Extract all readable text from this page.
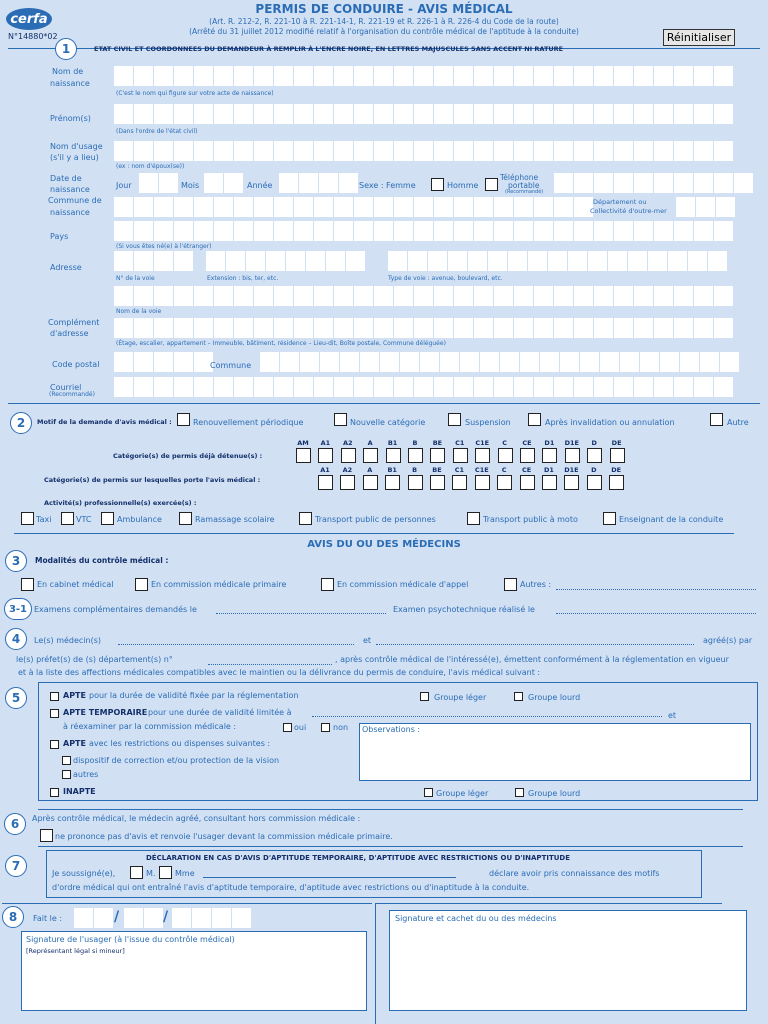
cerfa
N°14880*02
PERMIS DE CONDUIRE - AVIS MÉDICAL
(Art. R. 212-2, R. 221-10 à R. 221-14-1, R. 221-19 et R. 226-1 à R. 226-4 du Code de la route)
(Arrêté du 31 juillet 2012 modifié relatif à l'organisation du contrôle médical de l'aptitude à la conduite)	Réinitialiser
1	ETAT CIVIL ET COORDONNEES DU DEMANDEUR À REMPLIR À L'ENCRE NOIRE, EN LETTRES MAJUSCULES SANS ACCENT NI RATURE
Nom de
naissance
(C'est le nom qui figure sur votre acte de naissance)
Prénom(s)
(Dans l'ordre de l'état civil)
Nom d'usage
(s'il y a lieu)
(ex : nom d'époux(se))
Date de
naissance	Jour	Mois	Année	Sexe : Femme	Homme
Téléphone
portable
(Recommandé)
Commune de
naissance
Département ou
Collectivité d'outre-mer
Pays
(Si vous êtes né(e) à l'étranger)
Adresse
N° de la voie	Extension : bis, ter, etc.	Type de voie : avenue, boulevard, etc.
Nom de la voie
Complément
d'adresse
(Étage, escalier, appartement – Immeuble, bâtiment, résidence – Lieu-dit, Boîte postale, Commune déléguée)
Code postal	Commune
Courriel
(Recommandé)
2	Motif de la demande d'avis médical :	Renouvellement périodique	Nouvelle catégorie	Suspension	Après invalidation ou annulation	Autre
Catégorie(s) de permis déjà détenue(s) :
Catégorie(s) de permis sur lesquelles porte l'avis médical :
AM	A1	A2	A	B1	B	BE	C1	C1E	C	CE	D1	D1E	D	DE
A1	A2	A	B1	B	BE	C1	C1E	C	CE	D1	D1E	D	DE
Activité(s) professionnelle(s) exercée(s) :
Taxi	VTC	Ambulance	Ramassage scolaire	Transport public de personnes	Transport public à moto	Enseignant de la conduite
AVIS DU OU DES MÉDECINS
3	Modalités du contrôle médical :
En cabinet médical	En commission médicale primaire	En commission médicale d'appel	Autres :
3-1 Examens complémentaires demandés le	Examen psychotechnique réalisé le
4	Le(s) médecin(s)	et	agréé(s) par
le(s) préfet(s) de (s) département(s) n°	, après contrôle médical de l'intéressé(e), émettent conformément à la réglementation en vigueur
et à la liste des affections médicales compatibles avec le maintien ou la délivrance du permis de conduire, l'avis médical suivant :
5	APTE pour la durée de validité fixée par la réglementation	Groupe léger	Groupe lourd
APTE TEMPORAIRE pour une durée de validité limitée à	et
à réexaminer par la commission médicale :	oui	non Observations :
APTE avec les restrictions ou dispenses suivantes :
dispositif de correction et/ou protection de la vision
autres
INAPTE	Groupe léger	Groupe lourd
6	Après contrôle médical, le médecin agréé, consultant hors commission médicale :
ne prononce pas d'avis et renvoie l'usager devant la commission médicale primaire.
7
DÉCLARATION EN CAS D'AVIS D'APTITUDE TEMPORAIRE, D'APTITUDE AVEC RESTRICTIONS OU D'INAPTITUDE
Je soussigné(e),	M. Mme	déclare avoir pris connaissance des motifs
d'ordre médical qui ont entraîné l'avis d'aptitude temporaire, d'aptitude avec restrictions ou d'inaptitude à la conduite.
8	Fait le :	/	/
Signature de l'usager (à l'issue du contrôle médical)
[Représentant légal si mineur]
Signature et cachet du ou des médecins
